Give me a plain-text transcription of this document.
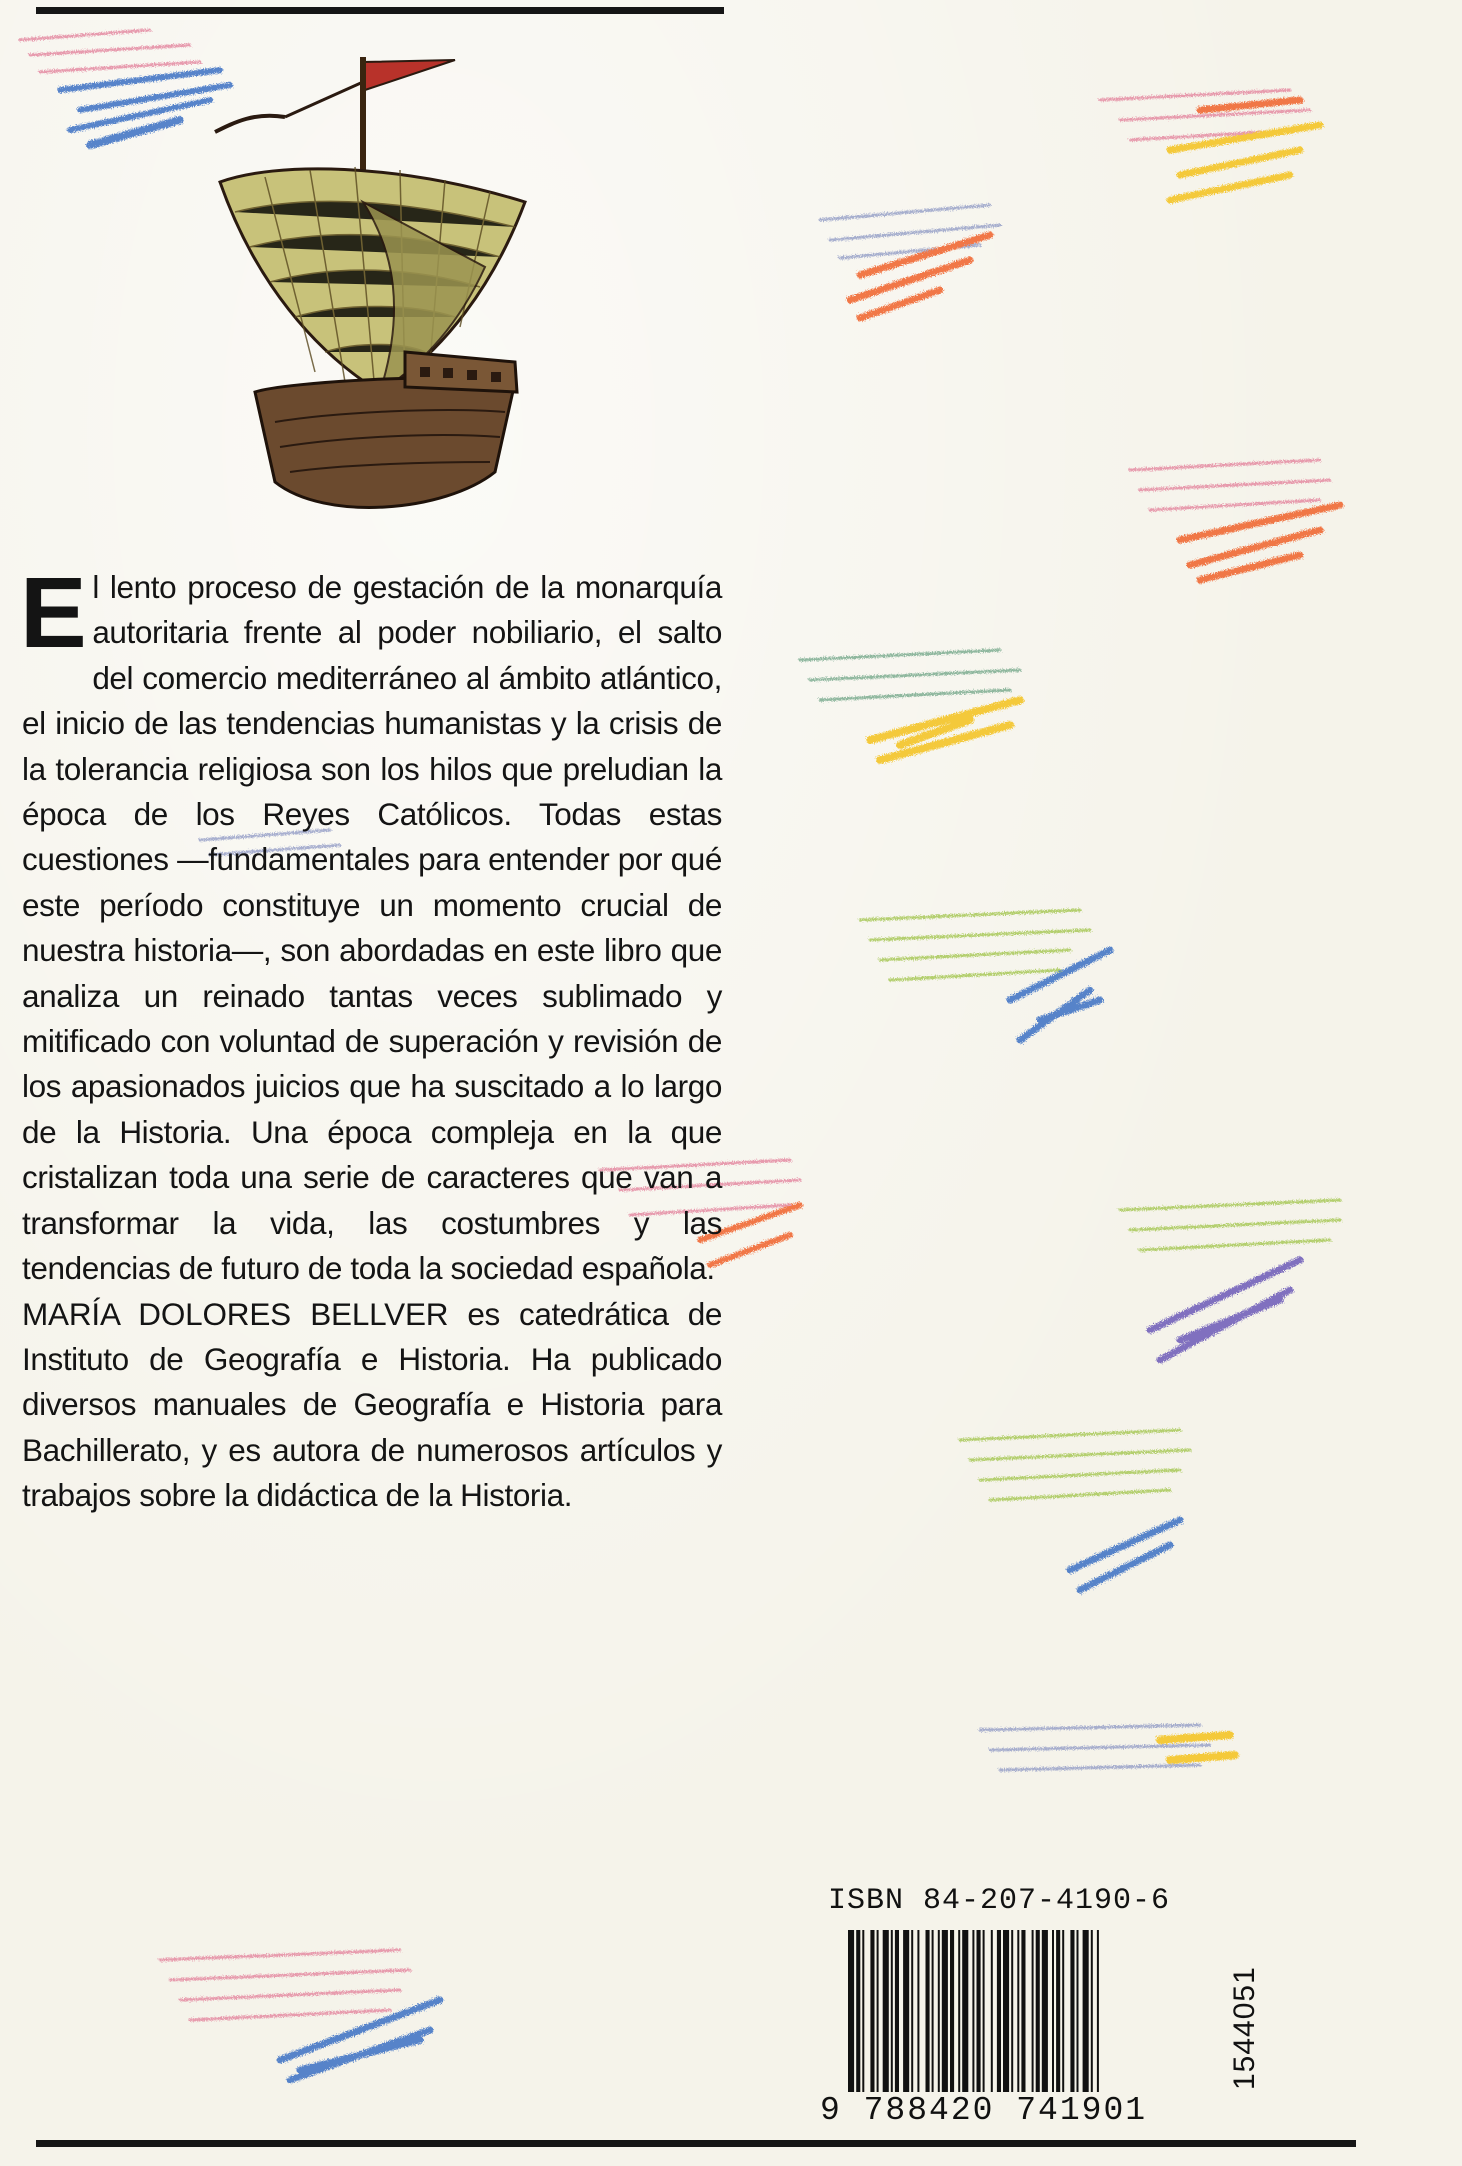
El lento proceso de gestación de la monarquía autoritaria frente al poder nobiliario, el salto del comercio mediterráneo al ámbito atlántico, el inicio de las tendencias humanistas y la crisis de la tolerancia religiosa son los hilos que preludian la época de los Reyes Católicos. Todas estas cuestiones —fundamentales para entender por qué este período constituye un momento crucial de nuestra historia—, son abordadas en este libro que analiza un reinado tantas veces sublimado y mitificado con voluntad de superación y revisión de los apasionados juicios que ha suscitado a lo largo de la Historia. Una época compleja en la que cristalizan toda una serie de caracteres que van a transformar la vida, las costumbres y las tendencias de futuro de toda la sociedad española.

MARÍA DOLORES BELLVER es catedrática de Instituto de Geografía e Historia. Ha publicado diversos manuales de Geografía e Historia para Bachillerato, y es autora de numerosos artículos y trabajos sobre la didáctica de la Historia.

ISBN 84-207-4190-6
9 788420 741901
1544051
